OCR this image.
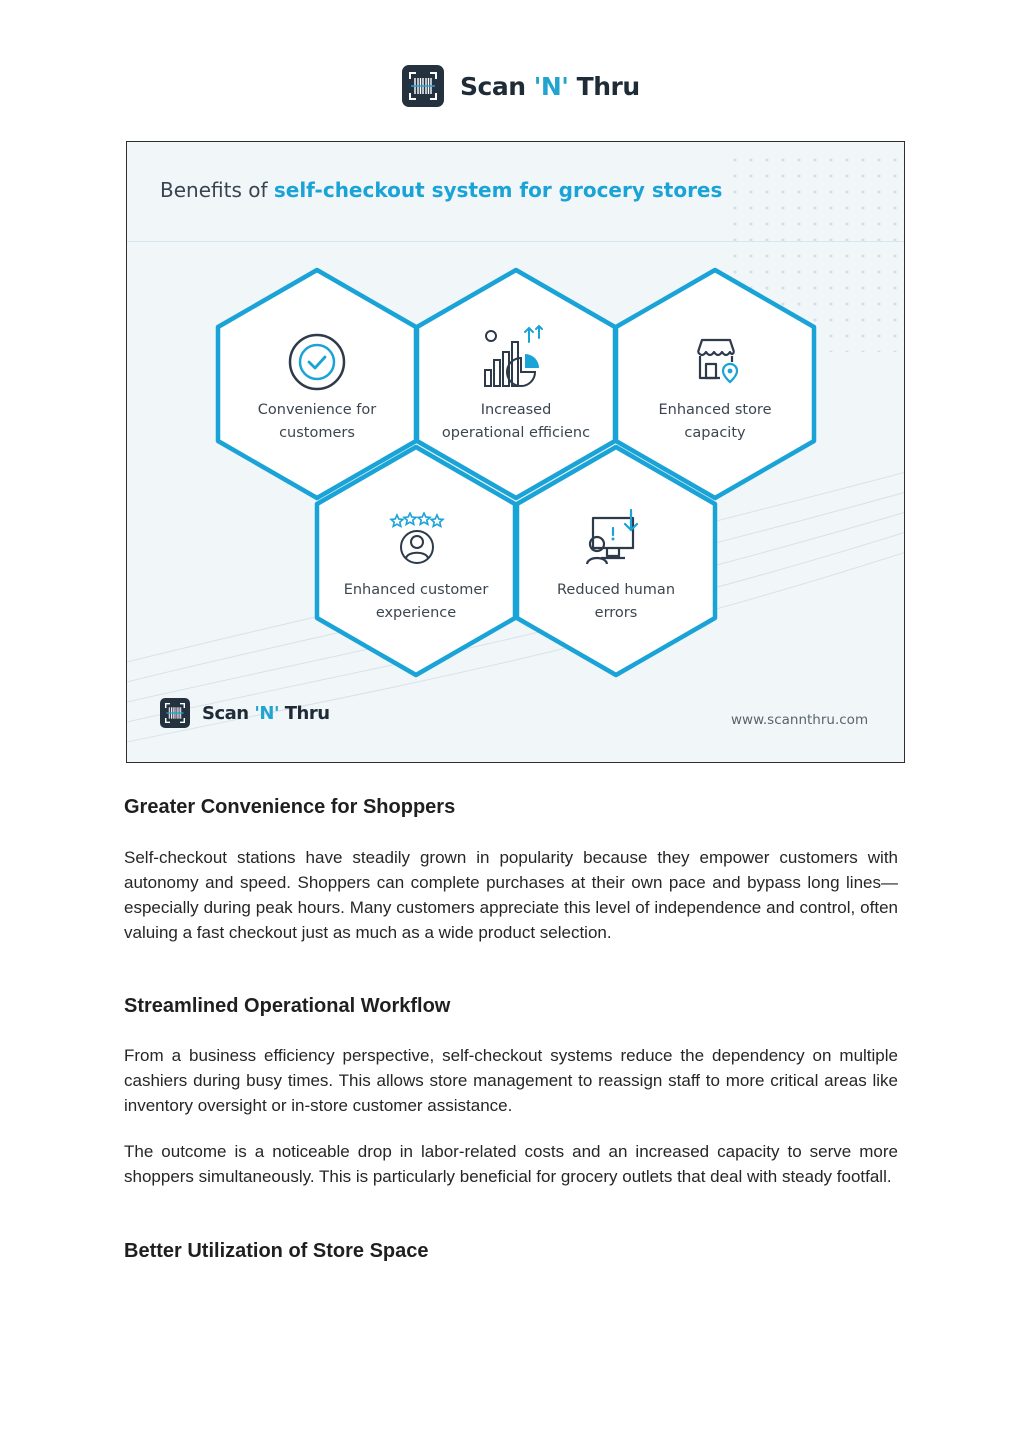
Scan 'N' Thru
Benefits of self-checkout system for grocery stores
Convenience for
customers
Increased
operational efficienc
Enhanced store
capacity
Enhanced customer
experience
Reduced human
errors
Scan 'N' Thru	www.scannthru.com
Greater Convenience for Shoppers
Self-checkout stations have steadily grown in popularity because they empower customers with autonomy and speed. Shoppers can complete purchases at their own pace and bypass long lines—especially during peak hours. Many customers appreciate this level of independence and control, often valuing a fast checkout just as much as a wide product selection.
Streamlined Operational Workflow
From a business efficiency perspective, self-checkout systems reduce the dependency on multiple cashiers during busy times. This allows store management to reassign staff to more critical areas like inventory oversight or in-store customer assistance.
The outcome is a noticeable drop in labor-related costs and an increased capacity to serve more shoppers simultaneously. This is particularly beneficial for grocery outlets that deal with steady footfall.
Better Utilization of Store Space
